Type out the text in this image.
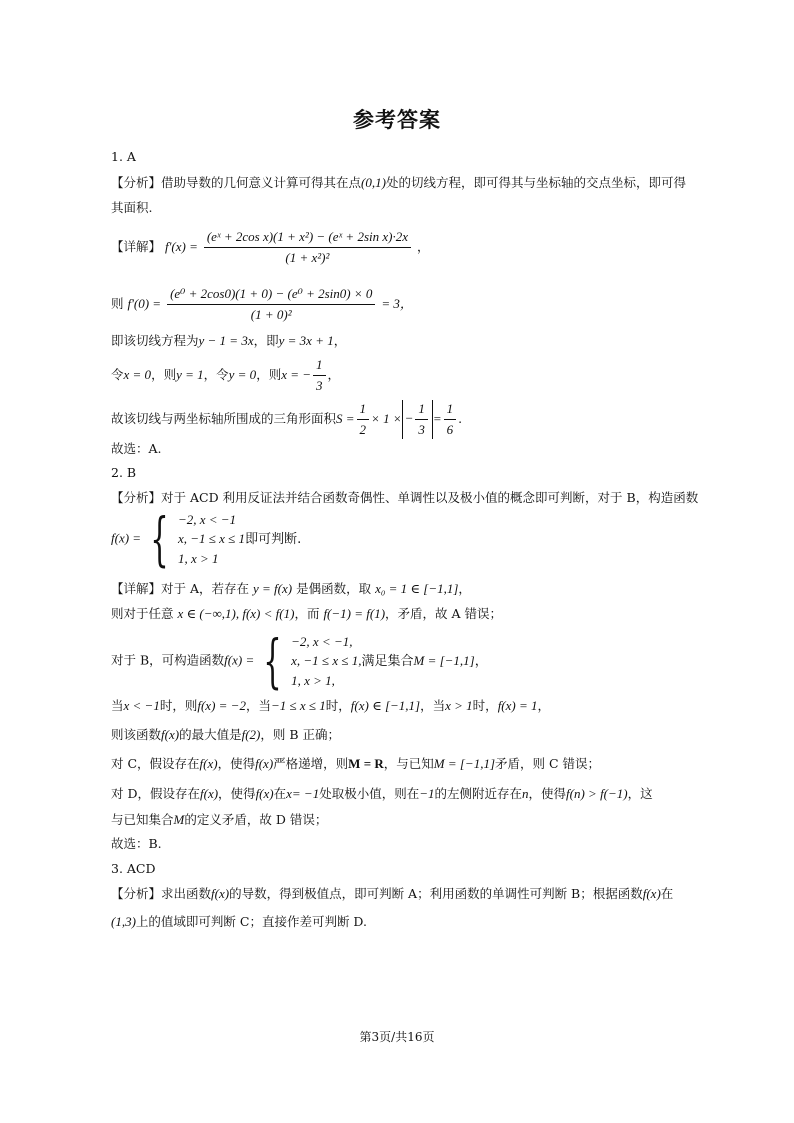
参考答案
1. A
【分析】借助导数的几何意义计算可得其在点(0,1)处的切线方程，即可得其与坐标轴的交点坐标，即可得
其面积.
【详解】 $f'(x) = \frac{\text{(eˣ + 2cos x)(1 + x²) − (eˣ + 2sin x)·2x}}{\text{(1 + x²)²}}$ ，
则 $f'(0) = \frac{\text{(e⁰ + 2cos0)(1 + 0) − (e⁰ + 2sin0) × 0}}{\text{(1 + 0)²}} = 3$，
即该切线方程为y − 1 = 3x，即y = 3x + 1，
令x = 0，则y = 1，令y = 0，则x = − $\frac{1}{3}$ ，
故该切线与两坐标轴所围成的三角形面积$S = \frac{1}{2} \times 1$ × − $\frac{1}{3} = \frac{1}{6}$ .
故选：A.
2. B
【分析】对于 ACD 利用反证法并结合函数奇偶性、单调性以及极小值的概念即可判断，对于 B，构造函数
f(x) = { −2, x < −1
x, −1 ≤ x ≤ 1即可判断.
1, x > 1
【详解】对于 A，若存在 y = f(x) 是偶函数，取 x₀ = 1 ∈ [−1,1]，
则对于任意 x ∈ (−∞,1), f(x) < f(1)，而 f(−1) = f(1)，矛盾，故 A 错误；
对于 B，可构造函数f(x) = { −2, x < −1,
x, −1 ≤ x ≤ 1,满足集合M = [−1,1]，
1, x > 1,
当x < −1时，则f(x) = −2，当−1 ≤ x ≤ 1时，f(x) ∈ [−1,1]，当x > 1时，f(x) = 1，
则该函数f(x)的最大值是f(2)，则 B 正确；
对 C，假设存在f(x)，使得f(x)严格递增，则M = R，与已知M = [−1,1]矛盾，则 C 错误；
对 D，假设存在f(x)，使得f(x)在x= −1处取极小值，则在−1的左侧附近存在n，使得f(n) > f(−1)，这
与已知集合M的定义矛盾，故 D 错误；
故选：B.
3. ACD
【分析】求出函数f(x)的导数，得到极值点，即可判断 A；利用函数的单调性可判断 B；根据函数f(x)在
(1,3)上的值域即可判断 C；直接作差可判断 D.
第3页/共16页
